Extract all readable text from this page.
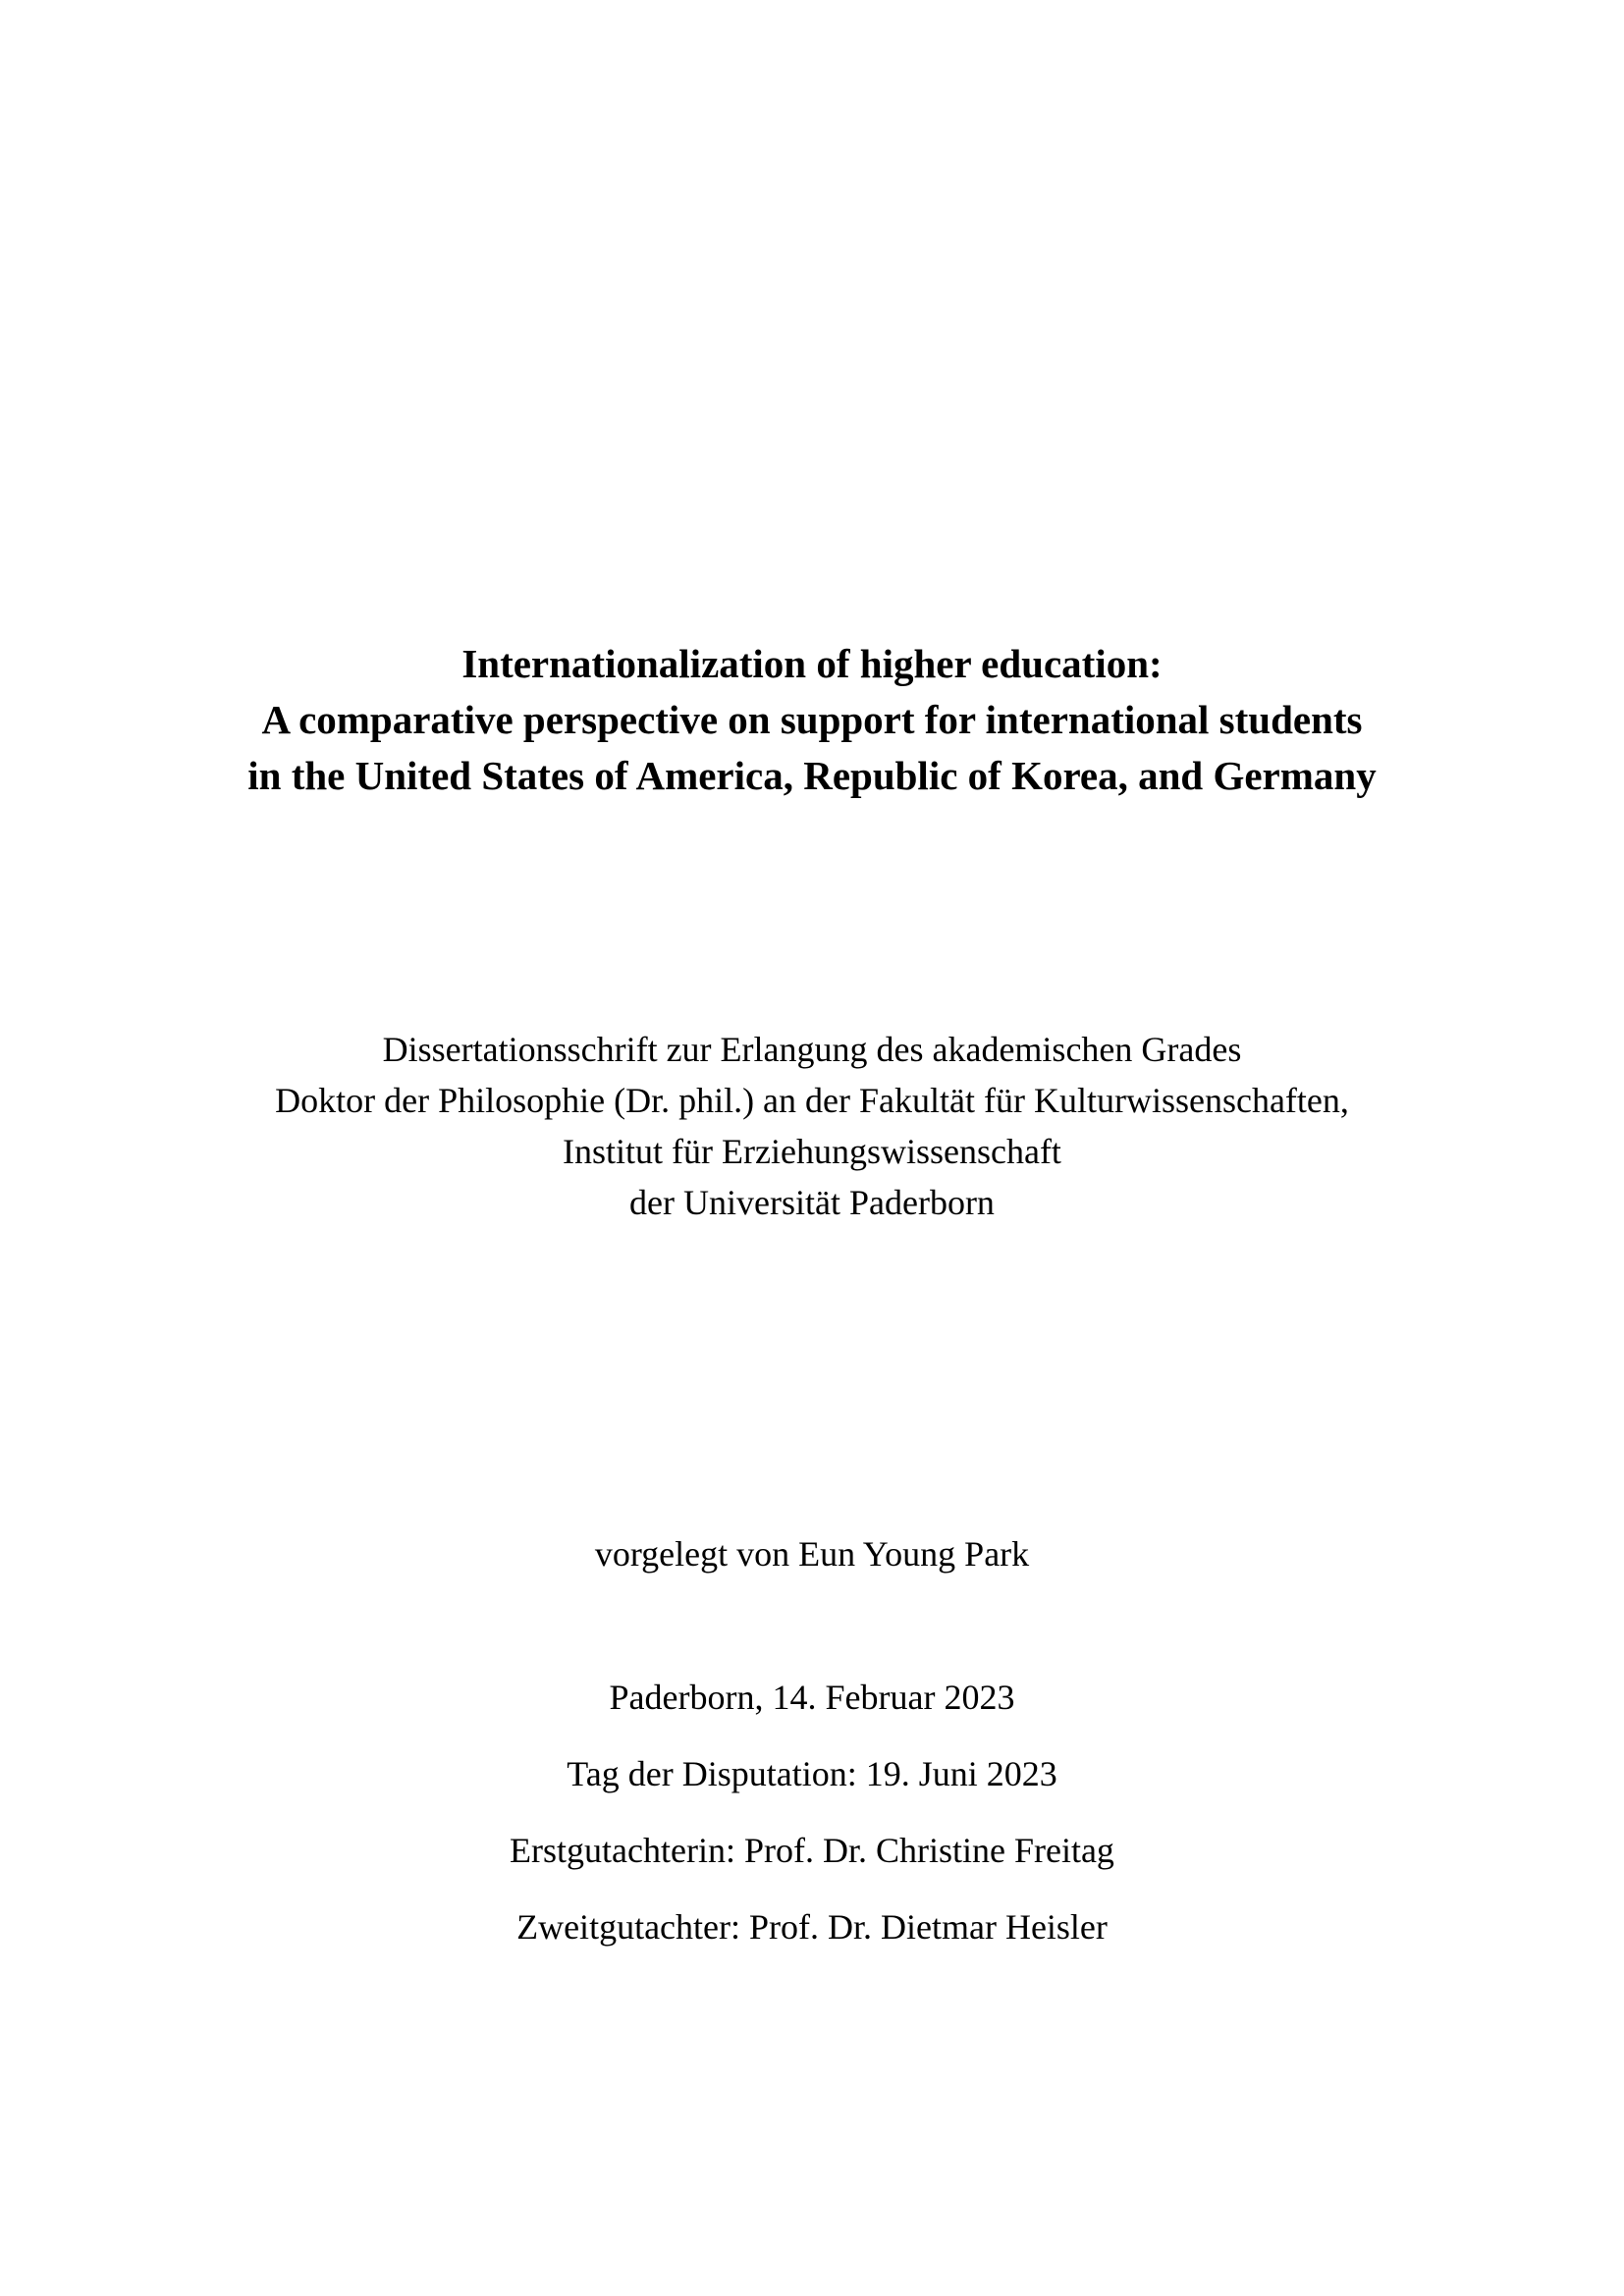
Internationalization of higher education:
A comparative perspective on support for international students
in the United States of America, Republic of Korea, and Germany
Dissertationsschrift zur Erlangung des akademischen Grades
Doktor der Philosophie (Dr. phil.) an der Fakultät für Kulturwissenschaften,
Institut für Erziehungswissenschaft
der Universität Paderborn
vorgelegt von Eun Young Park
Paderborn, 14. Februar 2023
Tag der Disputation: 19. Juni 2023
Erstgutachterin: Prof. Dr. Christine Freitag
Zweitgutachter: Prof. Dr. Dietmar Heisler
